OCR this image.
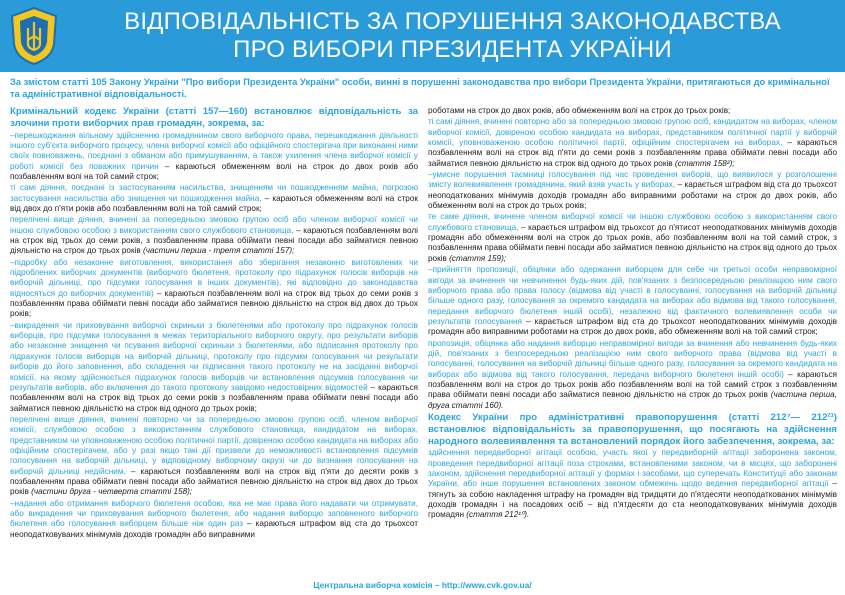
ВІДПОВІДАЛЬНІСТЬ ЗА ПОРУШЕННЯ ЗАКОНОДАВСТВА
ПРО ВИБОРИ ПРЕЗИДЕНТА УКРАЇНИ

За змістом статті 105 Закону України "Про вибори Президента України" особи, винні в порушенні законодавства про вибори Президента України, притягаються до кримінальної та адміністративної відповідальності.

Кримінальний кодекс України (статті 157—160) встановлює відповідальність за злочини проти виборчих прав громадян, зокрема, за:

–перешкоджання вільному здійсненню громадянином свого виборчого права, перешкоджання діяльності іншого суб'єкта виборчого процесу, члена виборчої комісії або офіційного спостерігача при виконанні ними своїх повноважень, поєднані з обманом або примушуванням, а також ухилення члена виборчої комісії у роботі комісії без поважних причин – караються обмеженням волі на строк до двох років або позбавленням волі на той самий строк;

ті самі діяння, поєднані із застосуванням насильства, знищенням чи пошкодженням майна, погрозою застосування насильства або знищення чи пошкодження майна, – караються обмеженням волі на строк від двох до п'яти років або позбавленням волі на той самий строк;

перелічені вище діяння, вчинені за попередньою змовою групою осіб або членом виборчої комісії чи іншою службовою особою з використанням свого службового становища, – караються позбавленням волі на строк від трьох до семи років, з позбавленням права обіймати певні посади або займатися певною діяльністю на строк до трьох років (частини перша - третя статті 157);

–підробку або незаконне виготовлення, використання або зберігання незаконно виготовлених чи підроблених виборчих документів (виборчого бюлетеня, протоколу про підрахунок голосів виборців на виборчій дільниці, про підсумки голосування в інших документів), які відповідно до законодавства відносяться до виборчих документів) – караються позбавленням волі на строк від трьох до семи років з позбавленням права обіймати певні посади або займатися певною діяльністю на строк від двох до трьох років;

–викрадення чи приховування виборчої скриньки з бюлетенями або протоколу про підрахунок голосів виборців, про підсумки голосування в межах територіального виборчого округу, про результати виборів або незаконне знищення чи псування виборчої скриньки з бюлетенями, або підписання протоколу про підрахунок голосів виборців на виборчій дільниці, протоколу про підсумки голосування чи результати виборів до його заповнення, або складення чи підписання такого протоколу не на засіданні виборчої комісії, на якому здійснюється підрахунок голосів виборців чи встановлення підсумків голосування чи результатів виборів, або включення до такого протоколу завідомо недостовірних відомостей – караються позбавленням волі на строк від трьох до семи років з позбавленням права обіймати певні посади або займатися певною діяльністю на строк від одного до трьох років;

перелічені вище діяння, вчинені повторно чи за попередньою змовою групою осіб, членом виборчої комісії, службовою особою з використанням службового становища, кандидатом на виборах, представником чи уповноваженою особою політичної партії, довіреною особою кандидата на виборах або офіційним спостерігачем, або у разі якщо такі дії призвели до неможливості встановлення підсумків голосування на виборчій дільниці, у відповідному виборчому окрузі чи до визнання голосування на виборчій дільниці недійсним, – караються позбавленням волі на строк від п'яти до десяти років з позбавленням права обіймати певні посади або займатися певною діяльністю на строк від двох до трьох років (частини друга - четверта статті 158);

–надання або отримання виборчого бюлетеня особою, яка не має права його надавати чи отримувати, або викрадення чи приховування виборчого бюлетеня, або надання виборцю заповненого виборчого бюлетеня або голосування виборцем більше ніж один раз – караються штрафом від ста до трьохсот неоподатковуваних мінімумів доходів громадян або виправними

роботами на строк до двох років, або обмеженням волі на строк до трьох років;

ті самі діяння, вчинені повторно або за попередньою змовою групою осіб, кандидатом на виборах, членом виборчої комісії, довіреною особою кандидата на виборах, представником політичної партії у виборчій комісії, уповноваженою особою політичної партії, офіційним спостерігачем на виборах, – караються позбавленням волі на строк від п'яти до семи років з позбавленням права обіймати певні посади або займатися певною діяльністю на строк від одного до трьох років (стаття 158²);

–умисне порушення таємниці голосування під час проведення виборів, що виявилося у розголошенні змісту волевиявлення громадянина, який взяв участь у виборах, – карається штрафом від ста до трьохсот неоподаткованих мінімумів доходів громадян або виправними роботами на строк до двох років, або обмеженням волі на строк до трьох років;

те саме діяння, вчинене членом виборчої комісії чи іншою службовою особою з використанням свого службового становища, – карається штрафом від трьохсот до п'ятисот неоподаткованих мінімумів доходів громадян або обмеженням волі на строк до трьох років, або позбавленням волі на той самий строк, з позбавленням права обіймати певні посади або займатися певною діяльністю на строк від одного до трьох років (стаття 159);

–прийняття пропозиції, обіцянки або одержання виборцем для себе чи третьої особи неправомірної вигоди за вчинення чи невчинення будь-яких дій, пов'язаних з безпосередньою реалізацією ним свого виборчого права або права голосу (відмова від участі в голосуванні, голосування на виборчій дільниці більше одного разу, голосування за окремого кандидата на виборах або відмова від такого голосування, передання виборчого бюлетеня іншій особі), незалежно від фактичного волевиявлення особи чи результатів голосування – карається штрафом від ста до трьохсот неоподаткованих мінімумів доходів громадян або виправними роботами на строк до двох років, або обмеженням волі на той самий строк;

пропозиція, обіцянка або надання виборцю неправомірної вигоди за вчинення або невчинення будь-яких дій, пов'язаних з безпосередньою реалізацією ним свого виборчого права (відмова від участі в голосуванні, голосування на виборчій дільниці більше одного разу, голосування за окремого кандидата на виборах або відмова від такого голосування, передача виборчого бюлетеня іншій особі) – караються позбавленням волі на строк до трьох років або позбавленням волі на той самий строк з позбавленням права обіймати певні посади або займатися певною діяльністю на строк до трьох років (частина перша, друга статті 160).

Кодекс України про адміністративні правопорушення (статті 212⁷— 212²¹) встановлює відповідальність за правопорушення, що посягають на здійснення народного волевиявлення та встановлений порядок його забезпечення, зокрема, за:

здійснення передвиборної агітації особою, участь якої у передвиборній агітації заборонена законом, проведення передвиборної агітації поза строками, встановленими законом, чи в місцях, що заборонені законом, здійснення передвиборної агітації у формах і засобами, що суперечать Конституції або законам України, або інше порушення встановлених законом обмежень щодо ведення передвиборної агітації – тягнуть за собою накладення штрафу на громадян від тридцяти до п'ятдесяти неоподаткованих мінімумів доходів громадян і на посадових осіб – від п'ятдесяти до ста неоподатковуваних мінімумів доходів громадян (стаття 212¹⁰).

Центральна виборча комісія – http://www.cvk.gov.ua/
